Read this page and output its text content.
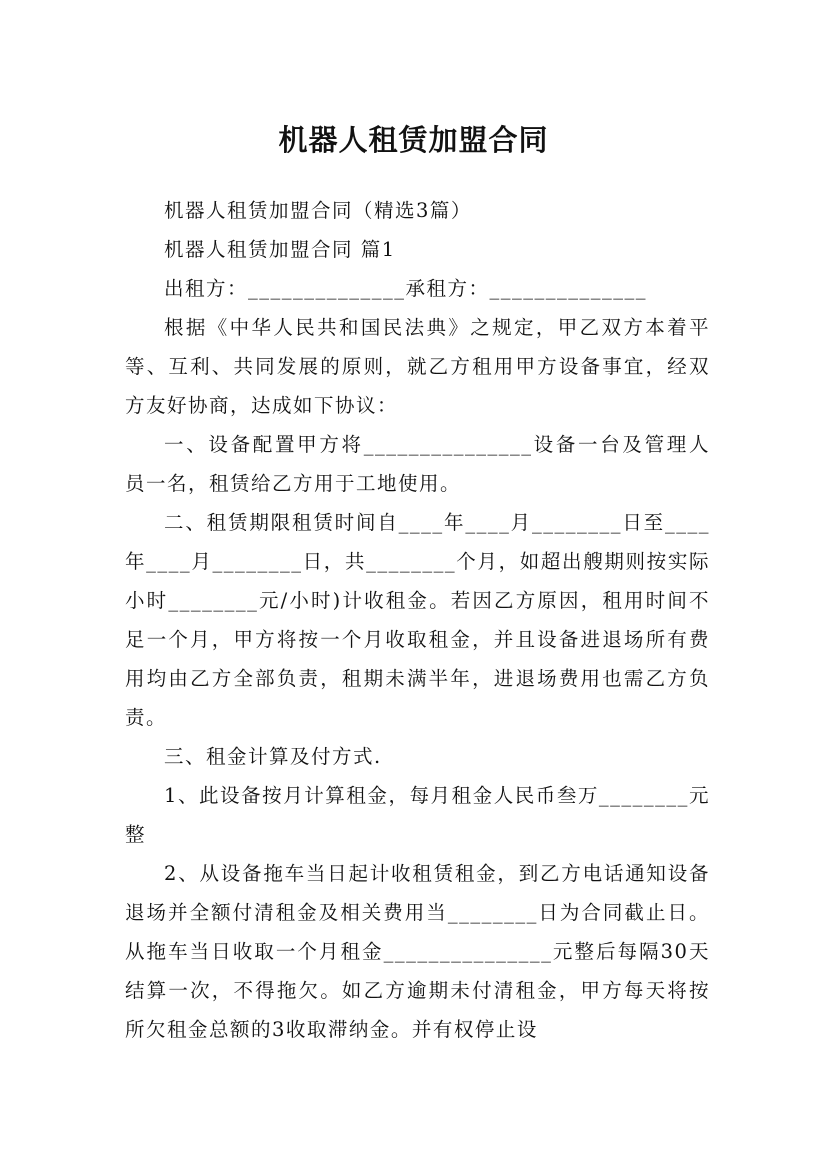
机器人租赁加盟合同

机器人租赁加盟合同（精选3篇）

机器人租赁加盟合同 篇1

出租方：______________承租方：______________

根据《中华人民共和国民法典》之规定，甲乙双方本着平等、互利、共同发展的原则，就乙方租用甲方设备事宜，经双方友好协商，达成如下协议：

一、设备配置甲方将_______________设备一台及管理人员一名，租赁给乙方用于工地使用。

二、租赁期限租赁时间自____年____月________日至____年____月________日，共________个月，如超出艘期则按实际小时________元/小时)计收租金。若因乙方原因，租用时间不足一个月，甲方将按一个月收取租金，并且设备进退场所有费用均由乙方全部负责，租期未满半年，进退场费用也需乙方负责。

三、租金计算及付方式.

1、此设备按月计算租金，每月租金人民币叁万________元整

2、从设备拖车当日起计收租赁租金，到乙方电话通知设备退场并全额付清租金及相关费用当________日为合同截止日。从拖车当日收取一个月租金_______________元整后每隔30天结算一次，不得拖欠。如乙方逾期未付清租金，甲方每天将按所欠租金总额的3收取滞纳金。并有权停止设
